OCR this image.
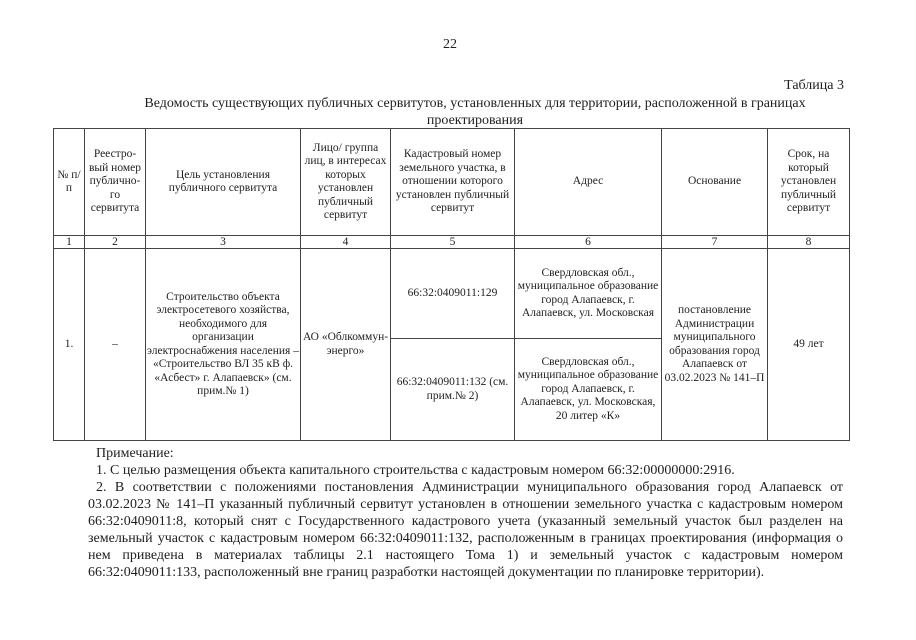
22
Таблица 3
Ведомость существующих публичных сервитутов, установленных для территории, расположенной в границах проектирования
№ п/п	Реестро-вый номер публично-го сервитута	Цель установления публичного сервитута	Лицо/ группа лиц, в интересах которых установлен публичный сервитут	Кадастровый номер земельного участка, в отношении которого установлен публичный сервитут	Адрес	Основание	Срок, на который установлен публичный сервитут
1	2	3	4	5	6	7	8
1.	–	Строительство объекта электросетевого хозяйства, необходимого для организации электроснабжения населения – «Строительство ВЛ 35 кВ ф. «Асбест» г. Алапаевск» (см. прим.№ 1)	АО «Облкоммун-энерго»	66:32:0409011:129	Свердловская обл., муниципальное образование город Алапаевск, г. Алапаевск, ул. Московская	постановление Администрации муниципального образования город Алапаевск от 03.02.2023 № 141–П	49 лет
				66:32:0409011:132 (см. прим.№ 2)	Свердловская обл., муниципальное образование город Алапаевск, г. Алапаевск, ул. Московская, 20 литер «К»		

Примечание:

1. С целью размещения объекта капитального строительства с кадастровым номером 66:32:00000000:2916.

2. В соответствии с положениями постановления Администрации муниципального образования город Алапаевск от 03.02.2023 № 141–П указанный публичный сервитут установлен в отношении земельного участка с кадастровым номером 66:32:0409011:8, который снят с Государственного кадастрового учета (указанный земельный участок был разделен на земельный участок с кадастровым номером 66:32:0409011:132, расположенным в границах проектирования (информация о нем приведена в материалах таблицы 2.1 настоящего Тома 1) и земельный участок с кадастровым номером 66:32:0409011:133, расположенный вне границ разработки настоящей документации по планировке территории).
